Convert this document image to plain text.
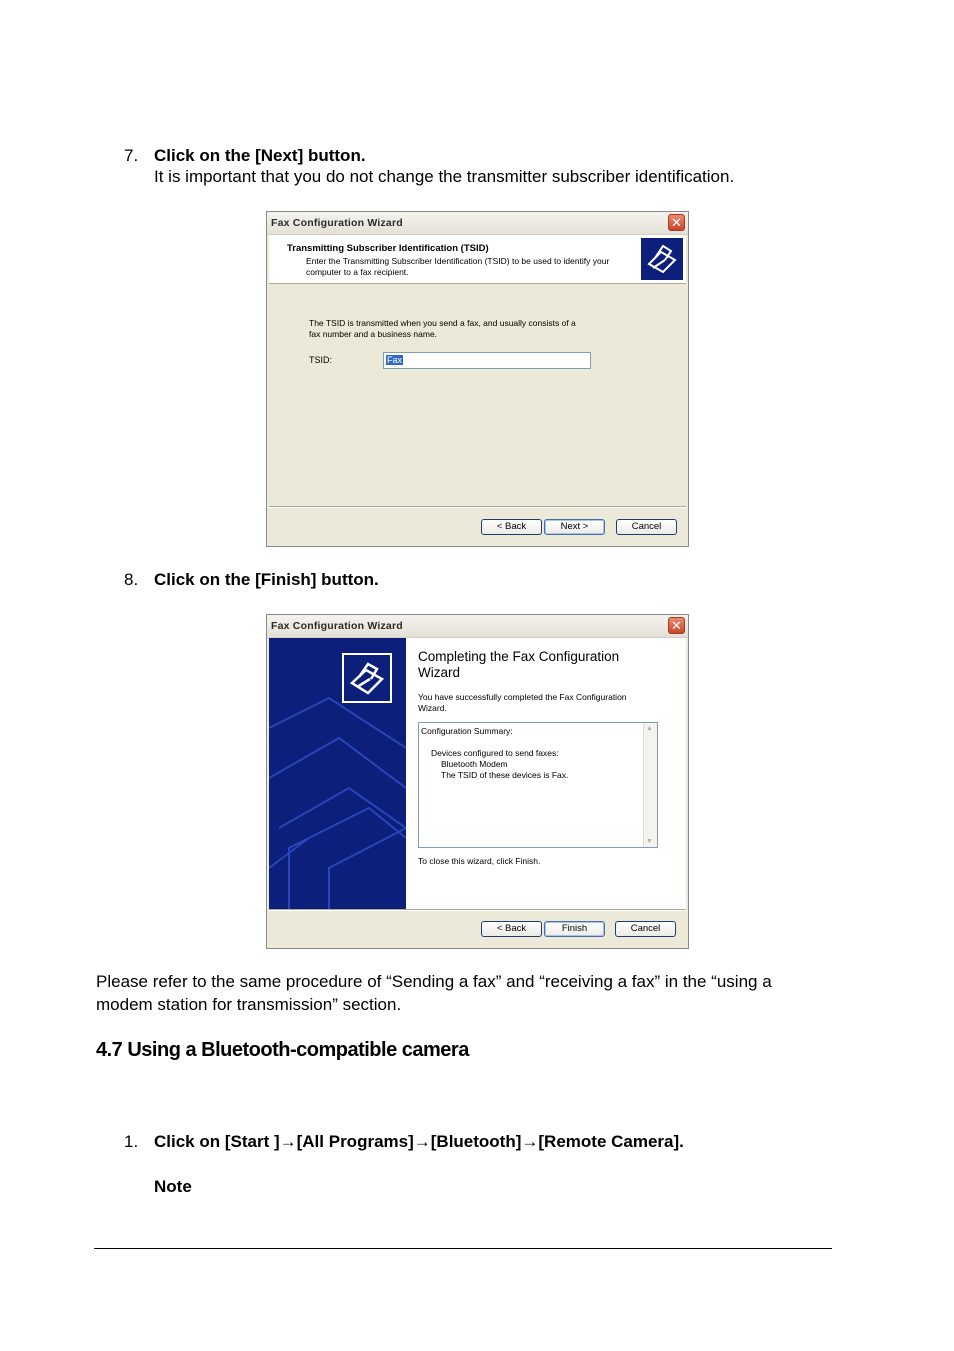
7. Click on the [Next] button.
It is important that you do not change the transmitter subscriber identification.
Fax Configuration Wizard	✕
Transmitting Subscriber Identification (TSID)
Enter the Transmitting Subscriber Identification (TSID) to be used to identify your
computer to a fax recipient.
The TSID is transmitted when you send a fax, and usually consists of a
fax number and a business name.
TSID:	Fax
< Back	Next >	Cancel
8. Click on the [Finish] button.
Fax Configuration Wizard	✕
Completing the Fax Configuration
Wizard
You have successfully completed the Fax Configuration
Wizard.
Configuration Summary:
Devices configured to send faxes:
Bluetooth Modem
The TSID of these devices is Fax.
▲
▼
To close this wizard, click Finish.
< Back	Finish	Cancel
Please refer to the same procedure of “Sending a fax” and “receiving a fax” in the “using a
modem station for transmission” section.
4.7 Using a Bluetooth-compatible camera
1. Click on [Start ]→[All Programs]→[Bluetooth]→[Remote Camera].
Note
